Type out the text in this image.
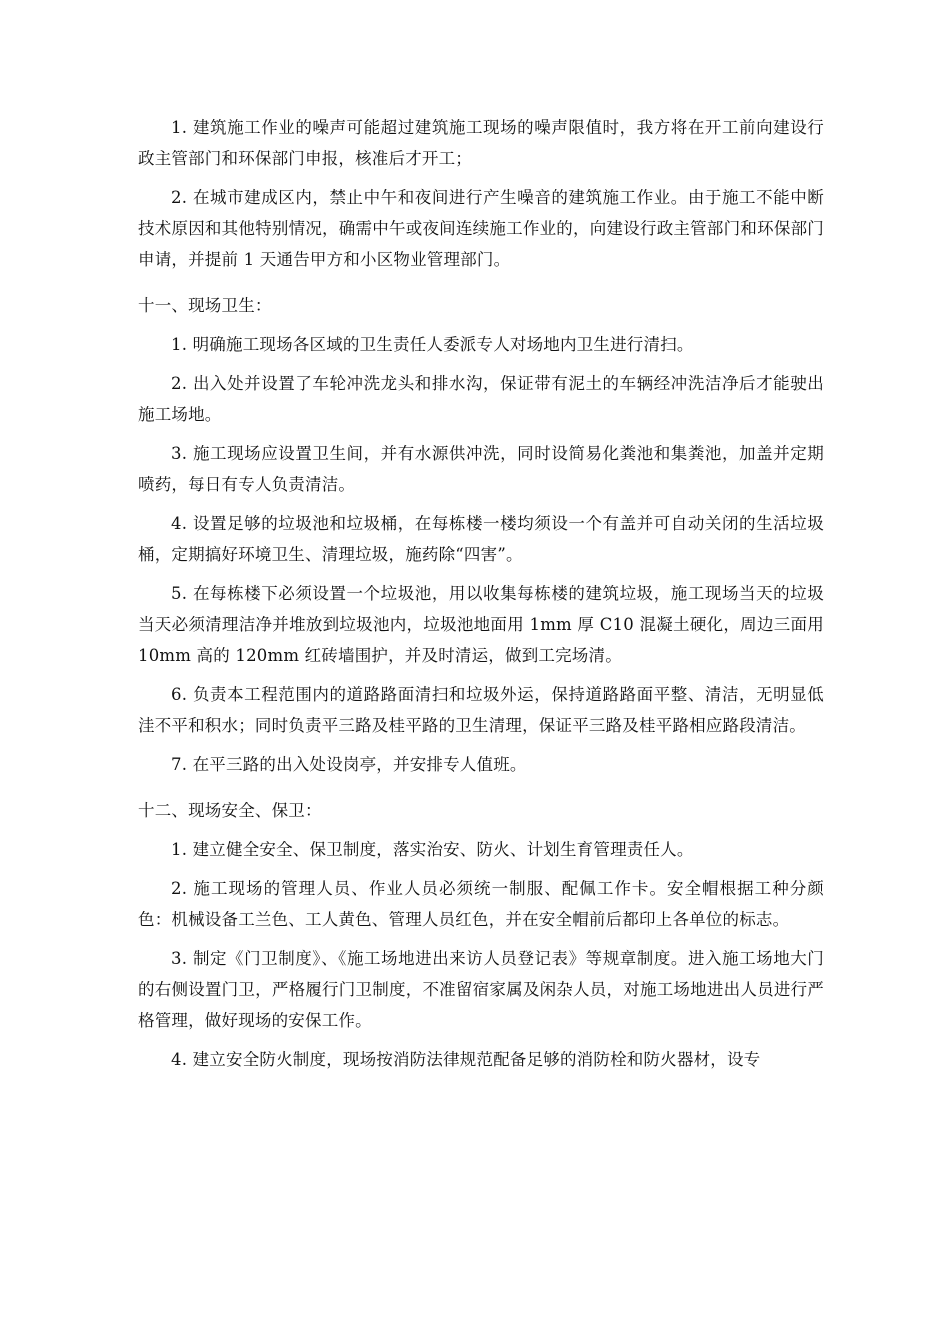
1. 建筑施工作业的噪声可能超过建筑施工现场的噪声限值时，我方将在开工前向建设行政主管部门和环保部门申报，核准后才开工；

2. 在城市建成区内，禁止中午和夜间进行产生噪音的建筑施工作业。由于施工不能中断技术原因和其他特别情况，确需中午或夜间连续施工作业的，向建设行政主管部门和环保部门申请，并提前 1 天通告甲方和小区物业管理部门。

十一、现场卫生：

1. 明确施工现场各区域的卫生责任人委派专人对场地内卫生进行清扫。

2. 出入处并设置了车轮冲洗龙头和排水沟，保证带有泥土的车辆经冲洗洁净后才能驶出施工场地。

3. 施工现场应设置卫生间，并有水源供冲洗，同时设简易化粪池和集粪池，加盖并定期喷药，每日有专人负责清洁。

4. 设置足够的垃圾池和垃圾桶，在每栋楼一楼均须设一个有盖并可自动关闭的生活垃圾桶，定期搞好环境卫生、清理垃圾，施药除“四害”。

5. 在每栋楼下必须设置一个垃圾池，用以收集每栋楼的建筑垃圾，施工现场当天的垃圾当天必须清理洁净并堆放到垃圾池内，垃圾池地面用 1mm 厚 C10 混凝土硬化，周边三面用 10mm 高的 120mm 红砖墙围护，并及时清运，做到工完场清。

6. 负责本工程范围内的道路路面清扫和垃圾外运，保持道路路面平整、清洁，无明显低洼不平和积水；同时负责平三路及桂平路的卫生清理，保证平三路及桂平路相应路段清洁。

7. 在平三路的出入处设岗亭，并安排专人值班。

十二、现场安全、保卫：

1. 建立健全安全、保卫制度，落实治安、防火、计划生育管理责任人。

2. 施工现场的管理人员、作业人员必须统一制服、配佩工作卡。安全帽根据工种分颜色：机械设备工兰色、工人黄色、管理人员红色，并在安全帽前后都印上各单位的标志。

3. 制定《门卫制度》、《施工场地进出来访人员登记表》等规章制度。进入施工场地大门的右侧设置门卫，严格履行门卫制度，不准留宿家属及闲杂人员，对施工场地进出人员进行严格管理，做好现场的安保工作。

4. 建立安全防火制度，现场按消防法律规范配备足够的消防栓和防火器材，设专
